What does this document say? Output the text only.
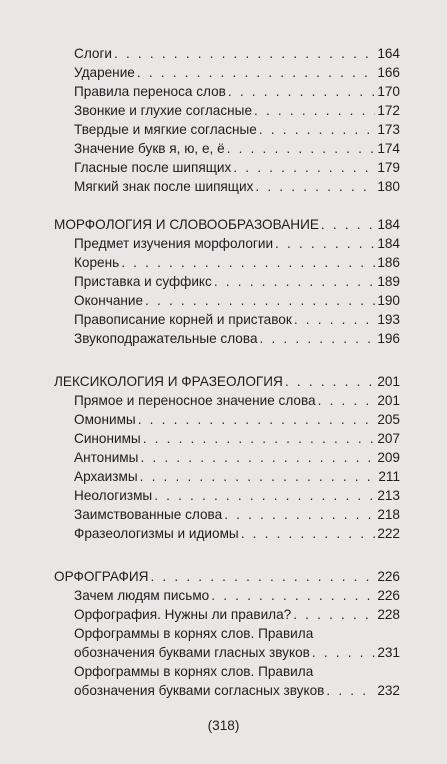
Слоги . . .	164
Ударение . . .	166
Правила переноса слов . . .	170
Звонкие и глухие согласные . . .	172
Твердые и мягкие согласные . . .	173
Значение букв я, ю, е, ё . . .	174
Гласные после шипящих . . .	179
Мягкий знак после шипящих . . .	180
МОРФОЛОГИЯ И СЛОВООБРАЗОВАНИЕ . . .	184
Предмет изучения морфологии . . .	184
Корень . . .	186
Приставка и суффикс . . .	189
Окончание . . .	190
Правописание корней и приставок . . .	193
Звукоподражательные слова . . .	196
ЛЕКСИКОЛОГИЯ И ФРАЗЕОЛОГИЯ . . .	201
Прямое и переносное значение слова . . .	201
Омонимы . . .	205
Синонимы . . .	207
Антонимы . . .	209
Архаизмы . . .	211
Неологизмы . . .	213
Заимствованные слова . . .	218
Фразеологизмы и идиомы . . .	222
ОРФОГРАФИЯ . . .	226
Зачем людям письмо . . .	226
Орфография. Нужны ли правила? . . .	228
Орфограммы в корнях слов. Правила
обозначения буквами гласных звуков . . .	231
Орфограммы в корнях слов. Правила
обозначения буквами согласных звуков . . .	232
(318)
